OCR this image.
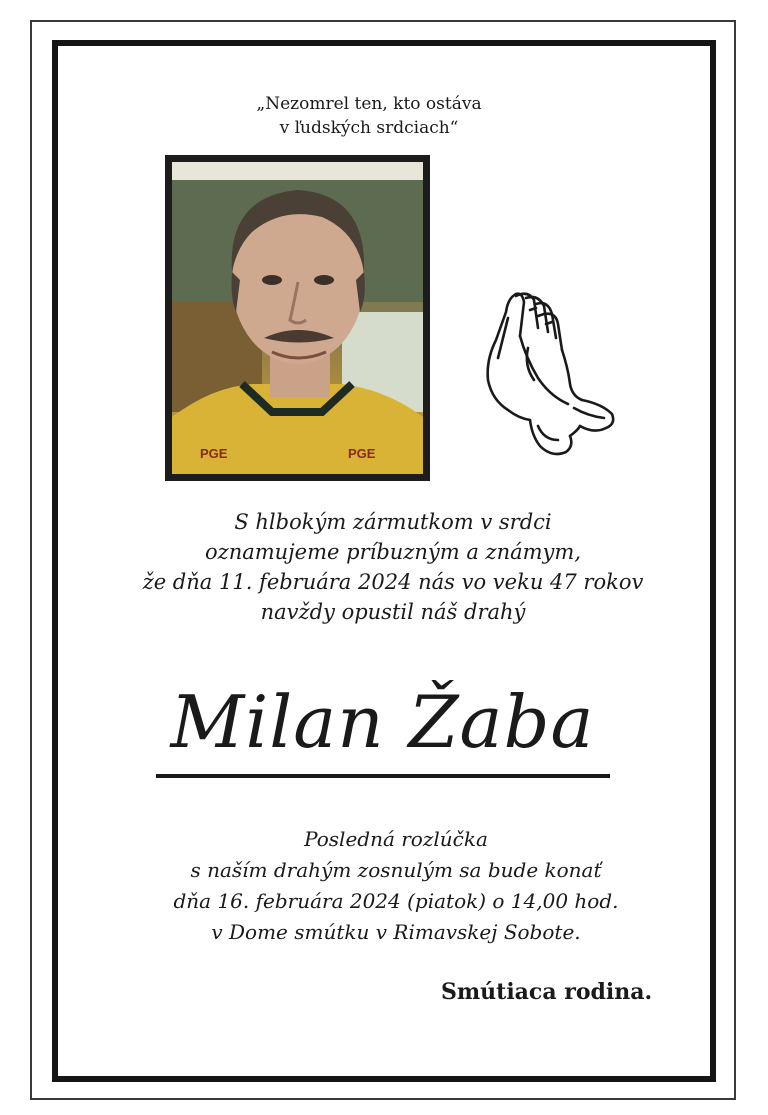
„Nezomrel ten, kto ostáva
v ľudských srdciach“
PGE	PGE
S hlbokým zármutkom v srdci
oznamujeme príbuzným a známym,
že dňa 11. februára 2024 nás vo veku 47 rokov
navždy opustil náš drahý
Milan Žaba
Posledná rozlúčka
s naším drahým zosnulým sa bude konať
dňa 16. februára 2024 (piatok) o 14,00 hod.
v Dome smútku v Rimavskej Sobote.
Smútiaca rodina.
